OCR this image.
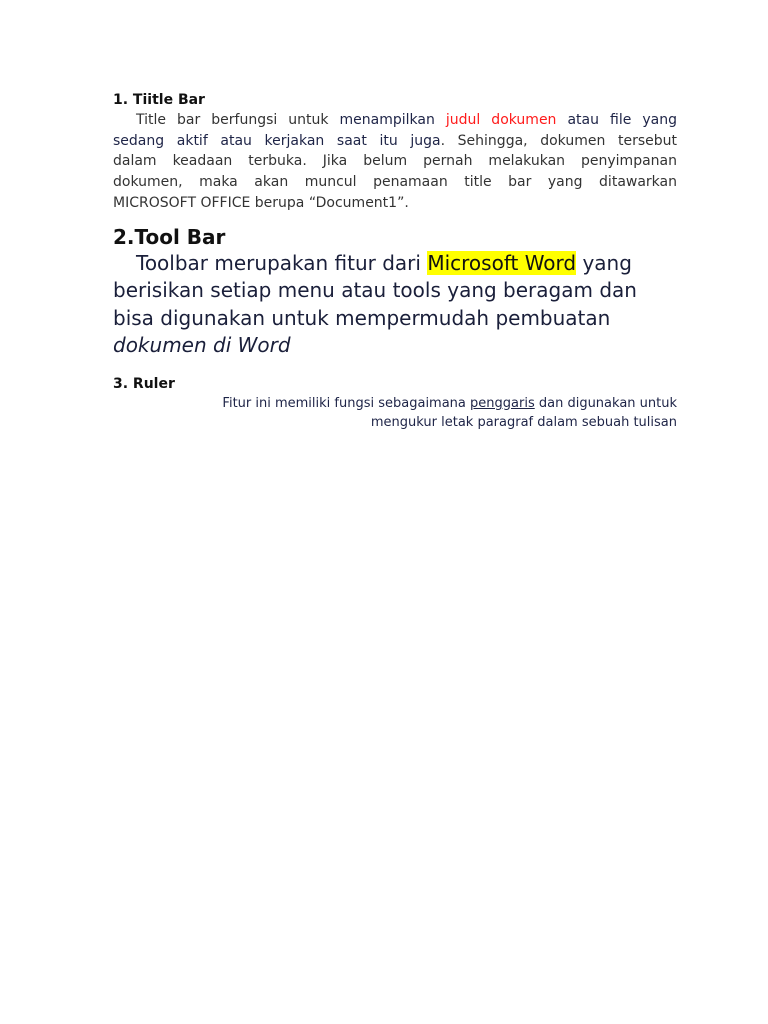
1. Tiitle Bar

Title bar berfungsi untuk menampilkan judul dokumen atau file yang
sedang aktif atau kerjakan saat itu juga. Sehingga, dokumen tersebut
dalam keadaan terbuka. Jika belum pernah melakukan penyimpanan
dokumen, maka akan muncul penamaan title bar yang ditawarkan
MICROSOFT OFFICE berupa “Document1”.

2.Tool Bar

Toolbar merupakan fitur dari Microsoft Word yang
berisikan setiap menu atau tools yang beragam dan
bisa digunakan untuk mempermudah pembuatan
dokumen di Word

3. Ruler

Fitur ini memiliki fungsi sebagaimana penggaris dan digunakan untuk
mengukur letak paragraf dalam sebuah tulisan
